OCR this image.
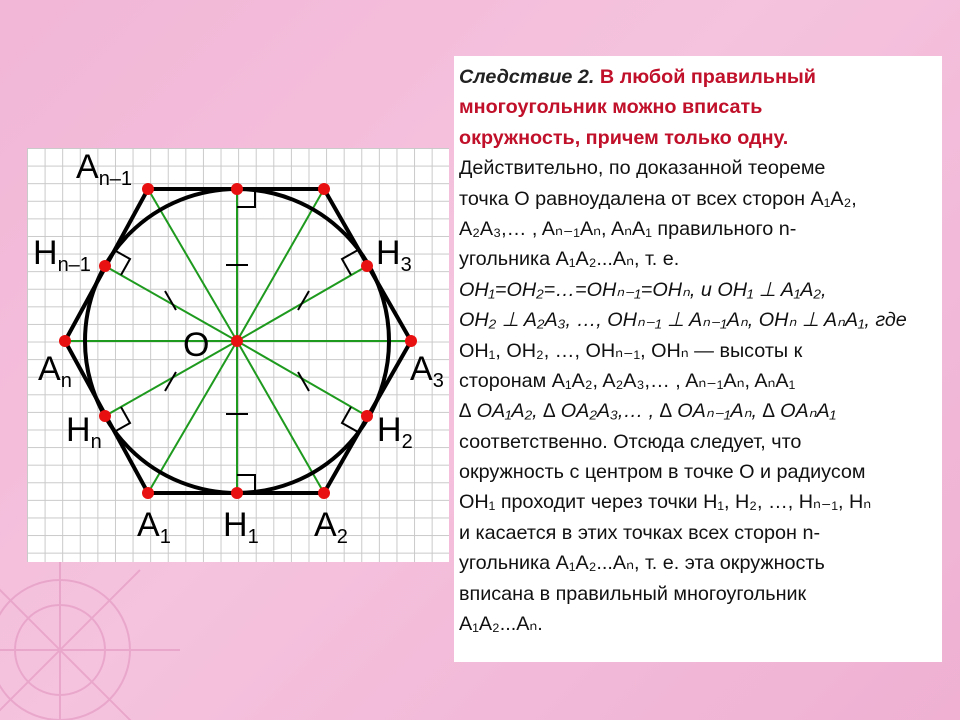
$A_{n-1}$
$H_{n-1}$	$H_3$
O
$A_n$	$A_3$
$H_n$	$H_2$
$A_1$ $H_1$ $A_2$
Следствие 2. В любой правильный
многоугольник можно вписать
окружность, причем только одну.
Действительно, по доказанной теореме
точка O равноудалена от всех сторон A₁A₂,
A₂A₃,… , Aₙ₋₁Aₙ, AₙA₁ правильного n-
угольника A₁A₂...Aₙ, т. е.
OH₁=OH₂=…=OHₙ₋₁=OHₙ, и OH₁ ⊥ A₁A₂,
OH₂ ⊥ A₂A₃, …, OHₙ₋₁ ⊥ Aₙ₋₁Aₙ, OHₙ ⊥ AₙA₁, где
OH₁, OH₂, …, OHₙ₋₁, OHₙ — высоты к
сторонам A₁A₂, A₂A₃,… , Aₙ₋₁Aₙ, AₙA₁
∆ OA₁A₂, ∆ OA₂A₃,… , ∆ OAₙ₋₁Aₙ, ∆ OAₙA₁
соответственно. Отсюда следует, что
окружность с центром в точке O и радиусом
OH₁ проходит через точки H₁, H₂, …, Hₙ₋₁, Hₙ
и касается в этих точках всех сторон n-
угольника A₁A₂...Aₙ, т. е. эта окружность
вписана в правильный многоугольник
A₁A₂...Aₙ.
